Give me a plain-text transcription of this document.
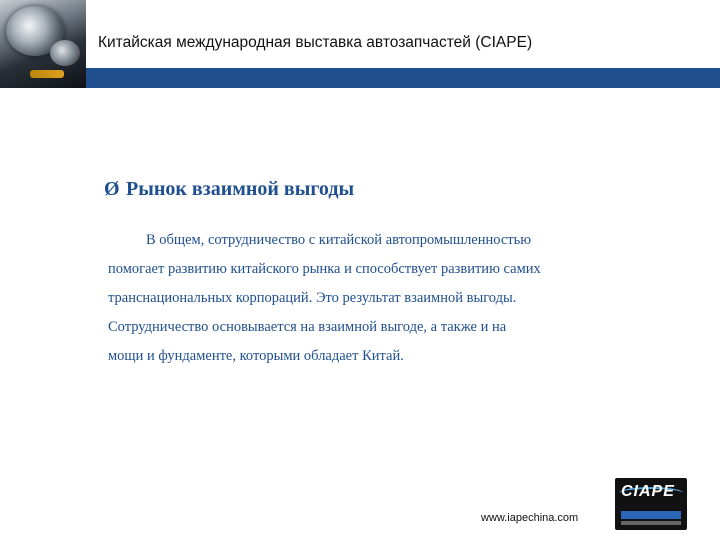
Китайская международная выставка автозапчастей (CIAPE)
Ø Рынок взаимной выгоды
В общем, сотрудничество с китайской автопромышленностью
помогает развитию китайского рынка и способствует развитию самих
транснациональных корпораций. Это результат взаимной выгоды.
Сотрудничество основывается на взаимной выгоде, а также и на
мощи и фундаменте, которыми обладает Китай.
www.iapechina.com
CIAPE
